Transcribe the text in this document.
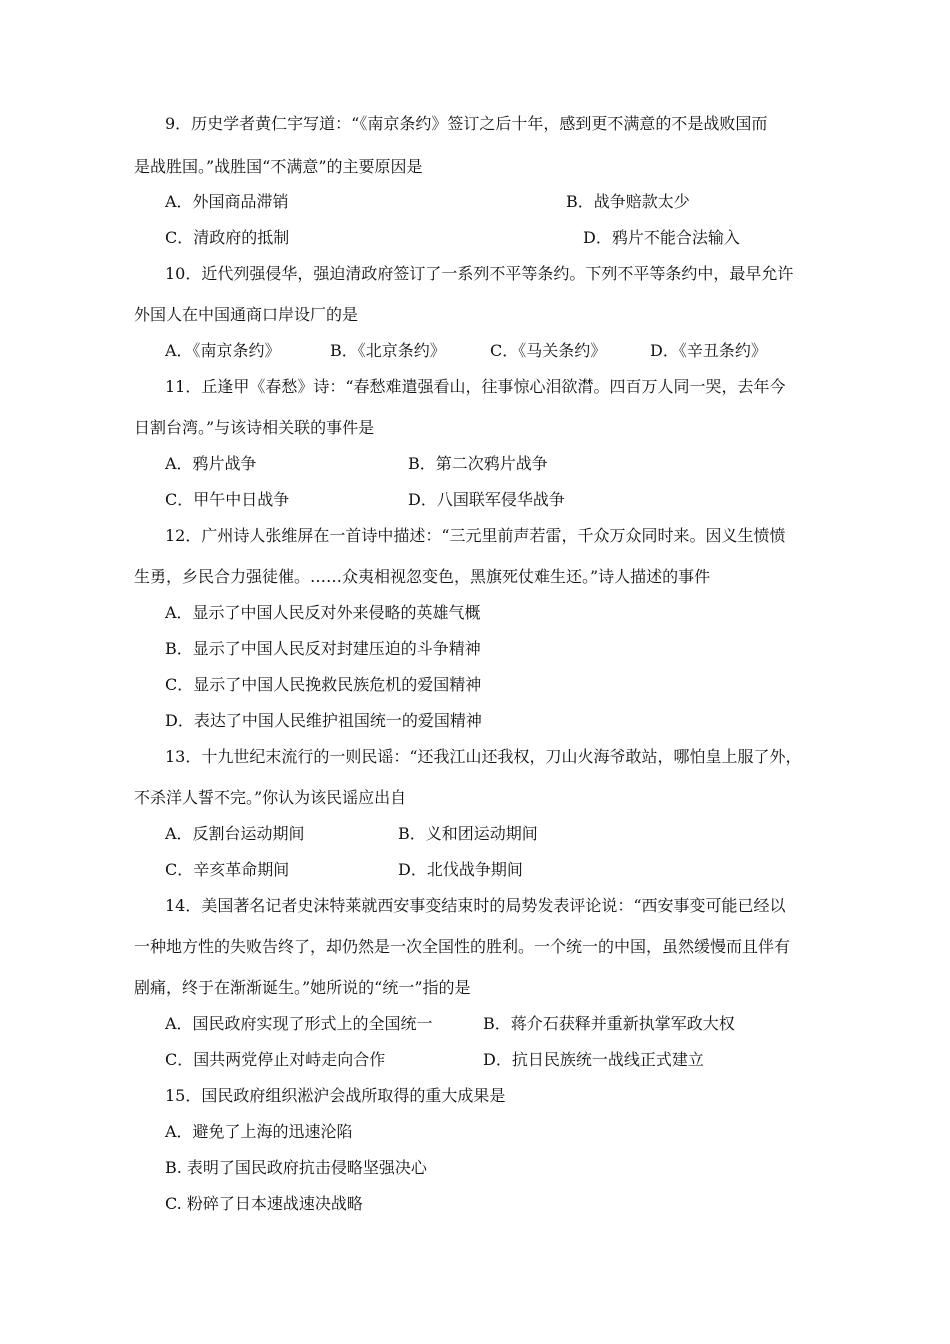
9．历史学者黄仁宇写道：“《南京条约》签订之后十年，感到更不满意的不是战败国而
是战胜国。”战胜国“不满意”的主要原因是
A．外国商品滞销	B．战争赔款太少
C．清政府的抵制	D．鸦片不能合法输入
10．近代列强侵华，强迫清政府签订了一系列不平等条约。下列不平等条约中，最早允许
外国人在中国通商口岸设厂的是
A．《南京条约》	B．《北京条约》	C．《马关条约》	D．《辛丑条约》
11．丘逢甲《春愁》诗：“春愁难遣强看山，往事惊心泪欲潸。四百万人同一哭，去年今
日割台湾。”与该诗相关联的事件是
A．鸦片战争	B．第二次鸦片战争
C．甲午中日战争	D．八国联军侵华战争
12．广州诗人张维屏在一首诗中描述：“三元里前声若雷，千众万众同时来。因义生愤愤
生勇，乡民合力强徒催。……众夷相视忽变色，黑旗死仗难生还。”诗人描述的事件
A．显示了中国人民反对外来侵略的英雄气概
B．显示了中国人民反对封建压迫的斗争精神
C．显示了中国人民挽救民族危机的爱国精神
D．表达了中国人民维护祖国统一的爱国精神
13．十九世纪末流行的一则民谣：“还我江山还我权，刀山火海爷敢站，哪怕皇上服了外，
不杀洋人誓不完。”你认为该民谣应出自
A．反割台运动期间	B．义和团运动期间
C．辛亥革命期间	D．北伐战争期间
14．美国著名记者史沫特莱就西安事变结束时的局势发表评论说：“西安事变可能已经以
一种地方性的失败告终了，却仍然是一次全国性的胜利。一个统一的中国，虽然缓慢而且伴有
剧痛，终于在渐渐诞生。”她所说的“统一”指的是
A．国民政府实现了形式上的全国统一	B．蒋介石获释并重新执掌军政大权
C．国共两党停止对峙走向合作	D．抗日民族统一战线正式建立
15．国民政府组织淞沪会战所取得的重大成果是
A．避免了上海的迅速沦陷
B. 表明了国民政府抗击侵略坚强决心
C. 粉碎了日本速战速决战略
